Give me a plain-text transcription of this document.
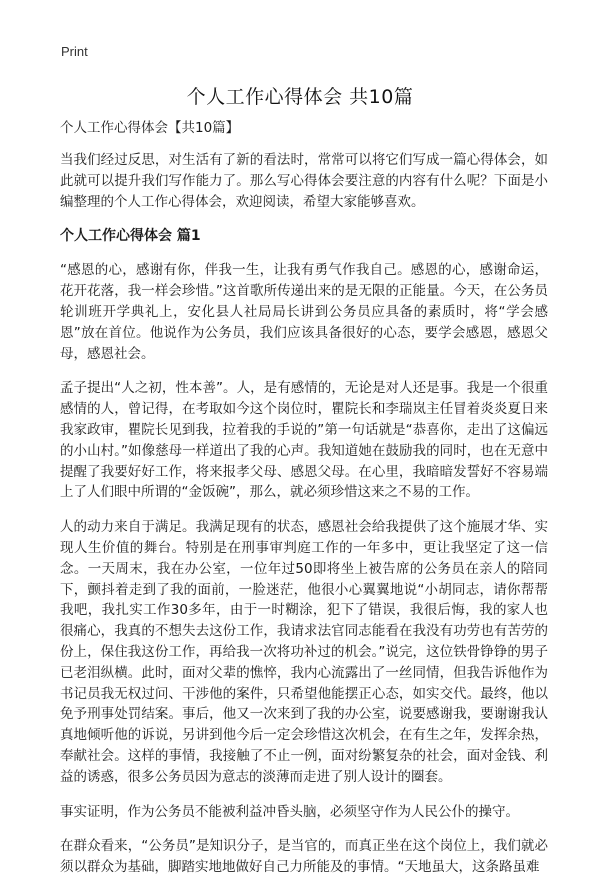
Print
个人工作心得体会 共10篇

个人工作心得体会【共10篇】

当我们经过反思，对生活有了新的看法时，常常可以将它们写成一篇心得体会，如此就可以提升我们写作能力了。那么写心得体会要注意的内容有什么呢？下面是小编整理的个人工作心得体会，欢迎阅读，希望大家能够喜欢。

个人工作心得体会 篇1

“感恩的心，感谢有你，伴我一生，让我有勇气作我自己。感恩的心，感谢命运，花开花落，我一样会珍惜。”这首歌所传递出来的是无限的正能量。今天，在公务员轮训班开学典礼上，安化县人社局局长讲到公务员应具备的素质时，将“学会感恩”放在首位。他说作为公务员，我们应该具备很好的心态，要学会感恩，感恩父母，感恩社会。

孟子提出“人之初，性本善”。人，是有感情的，无论是对人还是事。我是一个很重感情的人，曾记得，在考取如今这个岗位时，瞿院长和李瑞岚主任冒着炎炎夏日来我家政审，瞿院长见到我，拉着我的手说的”第一句话就是“恭喜你，走出了这偏远的小山村。”如像慈母一样道出了我的心声。我知道她在鼓励我的同时，也在无意中提醒了我要好好工作，将来报孝父母、感恩父母。在心里，我暗暗发誓好不容易端上了人们眼中所谓的“金饭碗”，那么，就必须珍惜这来之不易的工作。

人的动力来自于满足。我满足现有的状态，感恩社会给我提供了这个施展才华、实现人生价值的舞台。特别是在刑事审判庭工作的一年多中，更让我坚定了这一信念。一天周末，我在办公室，一位年过50即将坐上被告席的公务员在亲人的陪同下，颤抖着走到了我的面前，一脸迷茫，他很小心翼翼地说“小胡同志，请你帮帮我吧，我扎实工作30多年，由于一时糊涂，犯下了错误，我很后悔，我的家人也很痛心，我真的不想失去这份工作，我请求法官同志能看在我没有功劳也有苦劳的份上，保住我这份工作，再给我一次将功补过的机会。”说完，这位铁骨铮铮的男子已老泪纵横。此时，面对父辈的憔悴，我内心流露出了一丝同情，但我告诉他作为书记员我无权过问、干涉他的案件，只希望他能摆正心态，如实交代。最终，他以免予刑事处罚结案。事后，他又一次来到了我的办公室，说要感谢我，要谢谢我认真地倾听他的诉说，另讲到他今后一定会珍惜这次机会，在有生之年，发挥余热，奉献社会。这样的事情，我接触了不止一例，面对纷繁复杂的社会，面对金钱、利益的诱惑，很多公务员因为意志的淡薄而走进了别人设计的圈套。

事实证明，作为公务员不能被利益冲昏头脑，必须坚守作为人民公仆的操守。

在群众看来，“公务员”是知识分子，是当官的，而真正坐在这个岗位上，我们就必须以群众为基础，脚踏实地地做好自己力所能及的事情。“天地虽大，这条路虽难
